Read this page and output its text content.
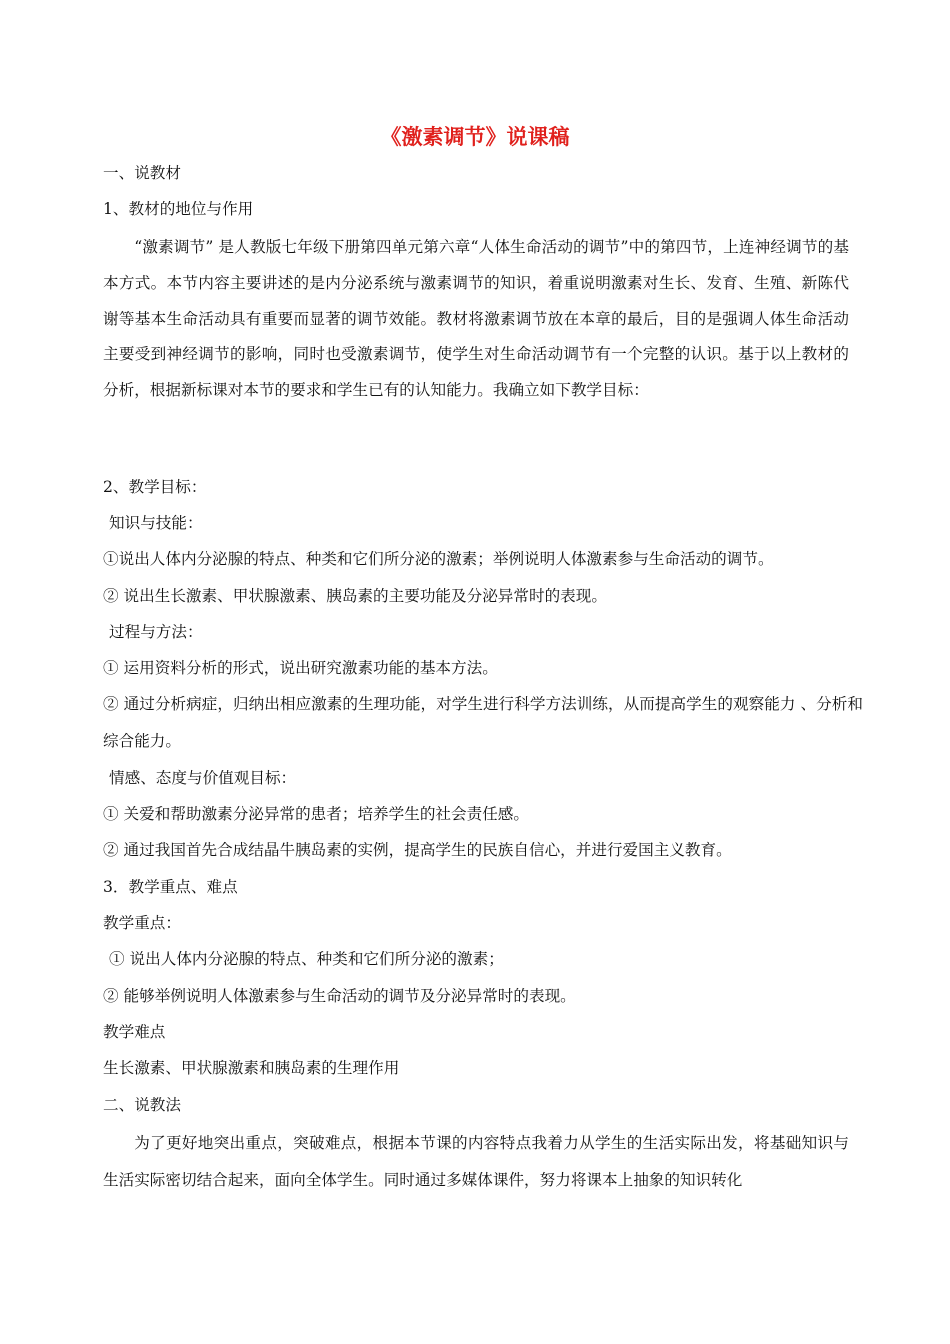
《激素调节》说课稿

一、说教材

1、教材的地位与作用

“激素调节” 是人教版七年级下册第四单元第六章“人体生命活动的调节”中的第四节，上连神经调节的基本方式。本节内容主要讲述的是内分泌系统与激素调节的知识，着重说明激素对生长、发育、生殖、新陈代谢等基本生命活动具有重要而显著的调节效能。教材将激素调节放在本章的最后，目的是强调人体生命活动主要受到神经调节的影响，同时也受激素调节，使学生对生命活动调节有一个完整的认识。基于以上教材的分析，根据新标课对本节的要求和学生已有的认知能力。我确立如下教学目标：

2、教学目标：

知识与技能：

①说出人体内分泌腺的特点、种类和它们所分泌的激素；举例说明人体激素参与生命活动的调节。

② 说出生长激素、甲状腺激素、胰岛素的主要功能及分泌异常时的表现。

过程与方法：

① 运用资料分析的形式，说出研究激素功能的基本方法。

② 通过分析病症，归纳出相应激素的生理功能，对学生进行科学方法训练，从而提高学生的观察能力 、分析和综合能力。

情感、态度与价值观目标：

① 关爱和帮助激素分泌异常的患者；培养学生的社会责任感。

② 通过我国首先合成结晶牛胰岛素的实例，提高学生的民族自信心，并进行爱国主义教育。

3．教学重点、难点

教学重点：

① 说出人体内分泌腺的特点、种类和它们所分泌的激素；

② 能够举例说明人体激素参与生命活动的调节及分泌异常时的表现。

教学难点

生长激素、甲状腺激素和胰岛素的生理作用

二、说教法

为了更好地突出重点，突破难点，根据本节课的内容特点我着力从学生的生活实际出发，将基础知识与生活实际密切结合起来，面向全体学生。同时通过多媒体课件，努力将课本上抽象的知识转化
